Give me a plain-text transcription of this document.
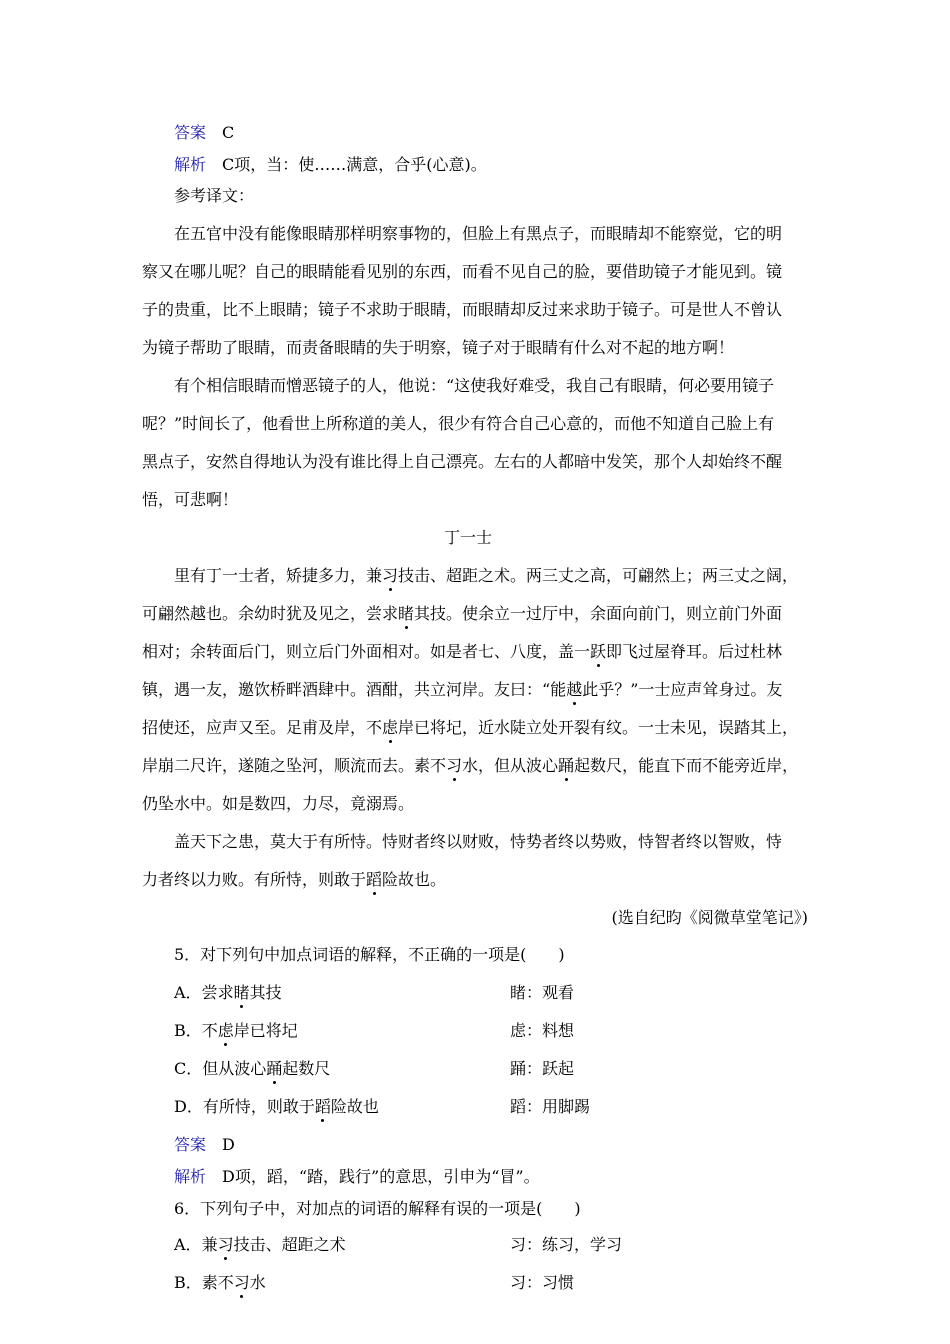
答案　 C
解析　 C项，当：使……满意，合乎(心意)。
参考译文：
在五官中没有能像眼睛那样明察事物的，但脸上有黑点子，而眼睛却不能察觉，它的明
察又在哪儿呢？自己的眼睛能看见别的东西，而看不见自己的脸，要借助镜子才能见到。镜
子的贵重，比不上眼睛；镜子不求助于眼睛，而眼睛却反过来求助于镜子。可是世人不曾认
为镜子帮助了眼睛，而责备眼睛的失于明察，镜子对于眼睛有什么对不起的地方啊！
有个相信眼睛而憎恶镜子的人，他说：“这使我好难受，我自己有眼睛，何必要用镜子
呢？”时间长了，他看世上所称道的美人，很少有符合自己心意的，而他不知道自己脸上有
黑点子，安然自得地认为没有谁比得上自己漂亮。左右的人都暗中发笑，那个人却始终不醒
悟，可悲啊！
丁一士
里有丁一士者，矫捷多力，兼习技击、超距之术。两三丈之高，可翩然上；两三丈之阔，
可翩然越也。余幼时犹及见之，尝求睹其技。使余立一过厅中，余面向前门，则立前门外面
相对；余转面后门，则立后门外面相对。如是者七、八度，盖一跃即飞过屋脊耳。后过杜林
镇，遇一友，邀饮桥畔酒肆中。酒酣，共立河岸。友曰：“能越此乎？”一士应声耸身过。友
招使还，应声又至。足甫及岸，不虑岸已将圮，近水陡立处开裂有纹。一士未见，误踏其上，
岸崩二尺许，遂随之坠河，顺流而去。素不习水，但从波心踊起数尺，能直下而不能旁近岸，
仍坠水中。如是数四，力尽，竟溺焉。
盖天下之患，莫大于有所恃。恃财者终以财败，恃势者终以势败，恃智者终以智败，恃
力者终以力败。有所恃，则敢于蹈险故也。
(选自纪昀《阅微草堂笔记》)
5．对下列句中加点词语的解释，不正确的一项是(　　)
A．尝求睹其技	睹：观看
B．不虑岸已将圮	虑：料想
C．但从波心踊起数尺	踊：跃起
D．有所恃，则敢于蹈险故也	蹈：用脚踢
答案　 D
解析　 D项，蹈，“踏，践行”的意思，引申为“冒”。
6．下列句子中，对加点的词语的解释有误的一项是(　　)
A．兼习技击、超距之术	习：练习，学习
B．素不习水	习：习惯
